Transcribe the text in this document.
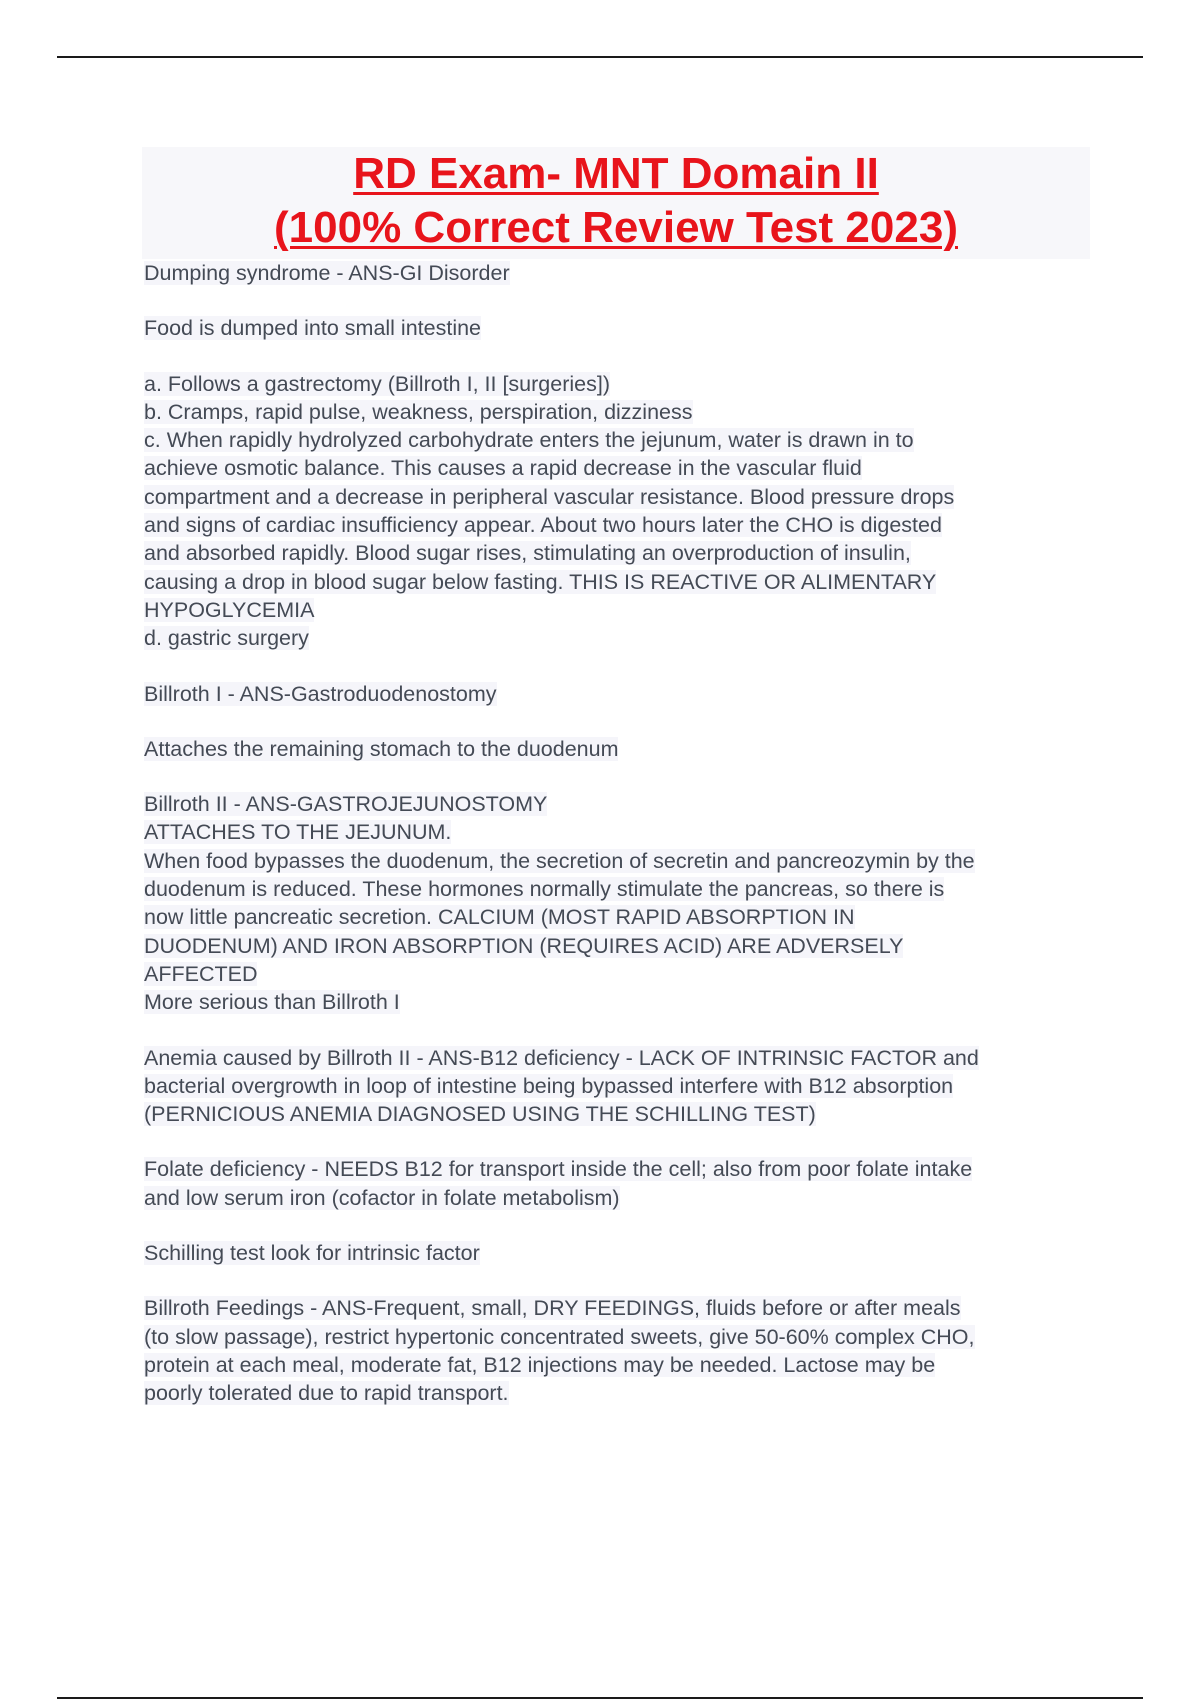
RD Exam- MNT Domain II
(100% Correct Review Test 2023)
Dumping syndrome - ANS-GI Disorder
Food is dumped into small intestine
a. Follows a gastrectomy (Billroth I, II [surgeries])
b. Cramps, rapid pulse, weakness, perspiration, dizziness
c. When rapidly hydrolyzed carbohydrate enters the jejunum, water is drawn in to
achieve osmotic balance. This causes a rapid decrease in the vascular fluid
compartment and a decrease in peripheral vascular resistance. Blood pressure drops
and signs of cardiac insufficiency appear. About two hours later the CHO is digested
and absorbed rapidly. Blood sugar rises, stimulating an overproduction of insulin,
causing a drop in blood sugar below fasting. THIS IS REACTIVE OR ALIMENTARY
HYPOGLYCEMIA
d. gastric surgery
Billroth I - ANS-Gastroduodenostomy
Attaches the remaining stomach to the duodenum
Billroth II - ANS-GASTROJEJUNOSTOMY
ATTACHES TO THE JEJUNUM.
When food bypasses the duodenum, the secretion of secretin and pancreozymin by the
duodenum is reduced. These hormones normally stimulate the pancreas, so there is
now little pancreatic secretion. CALCIUM (MOST RAPID ABSORPTION IN
DUODENUM) AND IRON ABSORPTION (REQUIRES ACID) ARE ADVERSELY
AFFECTED
More serious than Billroth I
Anemia caused by Billroth II - ANS-B12 deficiency - LACK OF INTRINSIC FACTOR and
bacterial overgrowth in loop of intestine being bypassed interfere with B12 absorption
(PERNICIOUS ANEMIA DIAGNOSED USING THE SCHILLING TEST)
Folate deficiency - NEEDS B12 for transport inside the cell; also from poor folate intake
and low serum iron (cofactor in folate metabolism)
Schilling test look for intrinsic factor
Billroth Feedings - ANS-Frequent, small, DRY FEEDINGS, fluids before or after meals
(to slow passage), restrict hypertonic concentrated sweets, give 50-60% complex CHO,
protein at each meal, moderate fat, B12 injections may be needed. Lactose may be
poorly tolerated due to rapid transport.
